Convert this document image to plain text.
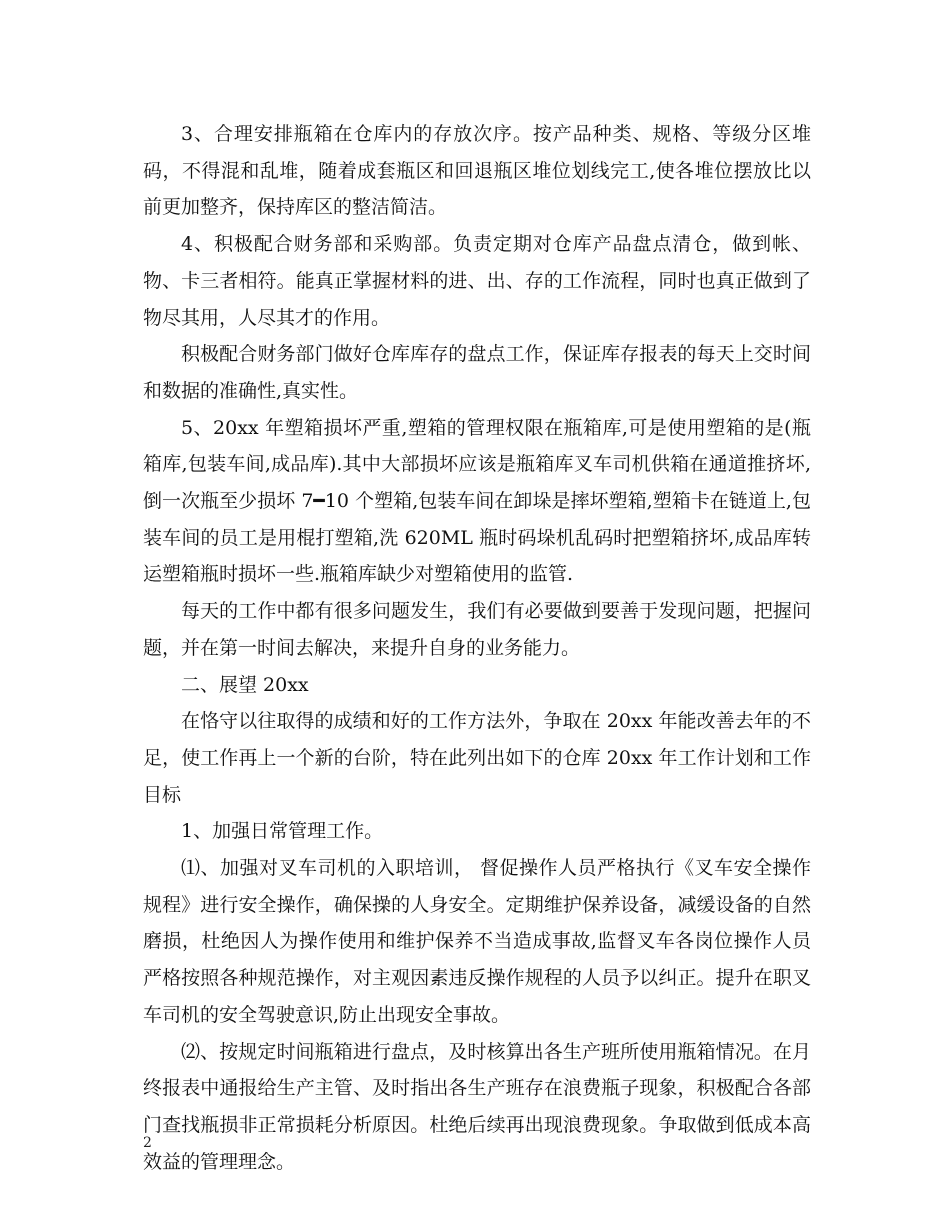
3、合理安排瓶箱在仓库内的存放次序。按产品种类、规格、等级分区堆码，不得混和乱堆，随着成套瓶区和回退瓶区堆位划线完工,使各堆位摆放比以前更加整齐，保持库区的整洁简洁。

4、积极配合财务部和采购部。负责定期对仓库产品盘点清仓，做到帐、物、卡三者相符。能真正掌握材料的进、出、存的工作流程，同时也真正做到了物尽其用，人尽其才的作用。

积极配合财务部门做好仓库库存的盘点工作，保证库存报表的每天上交时间和数据的准确性,真实性。

5、20xx 年塑箱损坏严重,塑箱的管理权限在瓶箱库,可是使用塑箱的是(瓶箱库,包装车间,成品库).其中大部损坏应该是瓶箱库叉车司机供箱在通道推挤坏,倒一次瓶至少损坏 7━10 个塑箱,包装车间在卸垛是摔坏塑箱,塑箱卡在链道上,包装车间的员工是用棍打塑箱,洗 620ML 瓶时码垛机乱码时把塑箱挤坏,成品库转运塑箱瓶时损坏一些.瓶箱库缺少对塑箱使用的监管.

每天的工作中都有很多问题发生，我们有必要做到要善于发现问题，把握问题，并在第一时间去解决，来提升自身的业务能力。

二、展望 20xx

在恪守以往取得的成绩和好的工作方法外，争取在 20xx 年能改善去年的不足，使工作再上一个新的台阶，特在此列出如下的仓库 20xx 年工作计划和工作目标

1、加强日常管理工作。

⑴、加强对叉车司机的入职培训， 督促操作人员严格执行《叉车安全操作规程》进行安全操作，确保操的人身安全。定期维护保养设备，减缓设备的自然磨损，杜绝因人为操作使用和维护保养不当造成事故,监督叉车各岗位操作人员严格按照各种规范操作，对主观因素违反操作规程的人员予以纠正。提升在职叉车司机的安全驾驶意识,防止出现安全事故。

⑵、按规定时间瓶箱进行盘点，及时核算出各生产班所使用瓶箱情况。在月终报表中通报给生产主管、及时指出各生产班存在浪费瓶子现象，积极配合各部门查找瓶损非正常损耗分析原因。杜绝后续再出现浪费现象。争取做到低成本高效益的管理理念。

2
